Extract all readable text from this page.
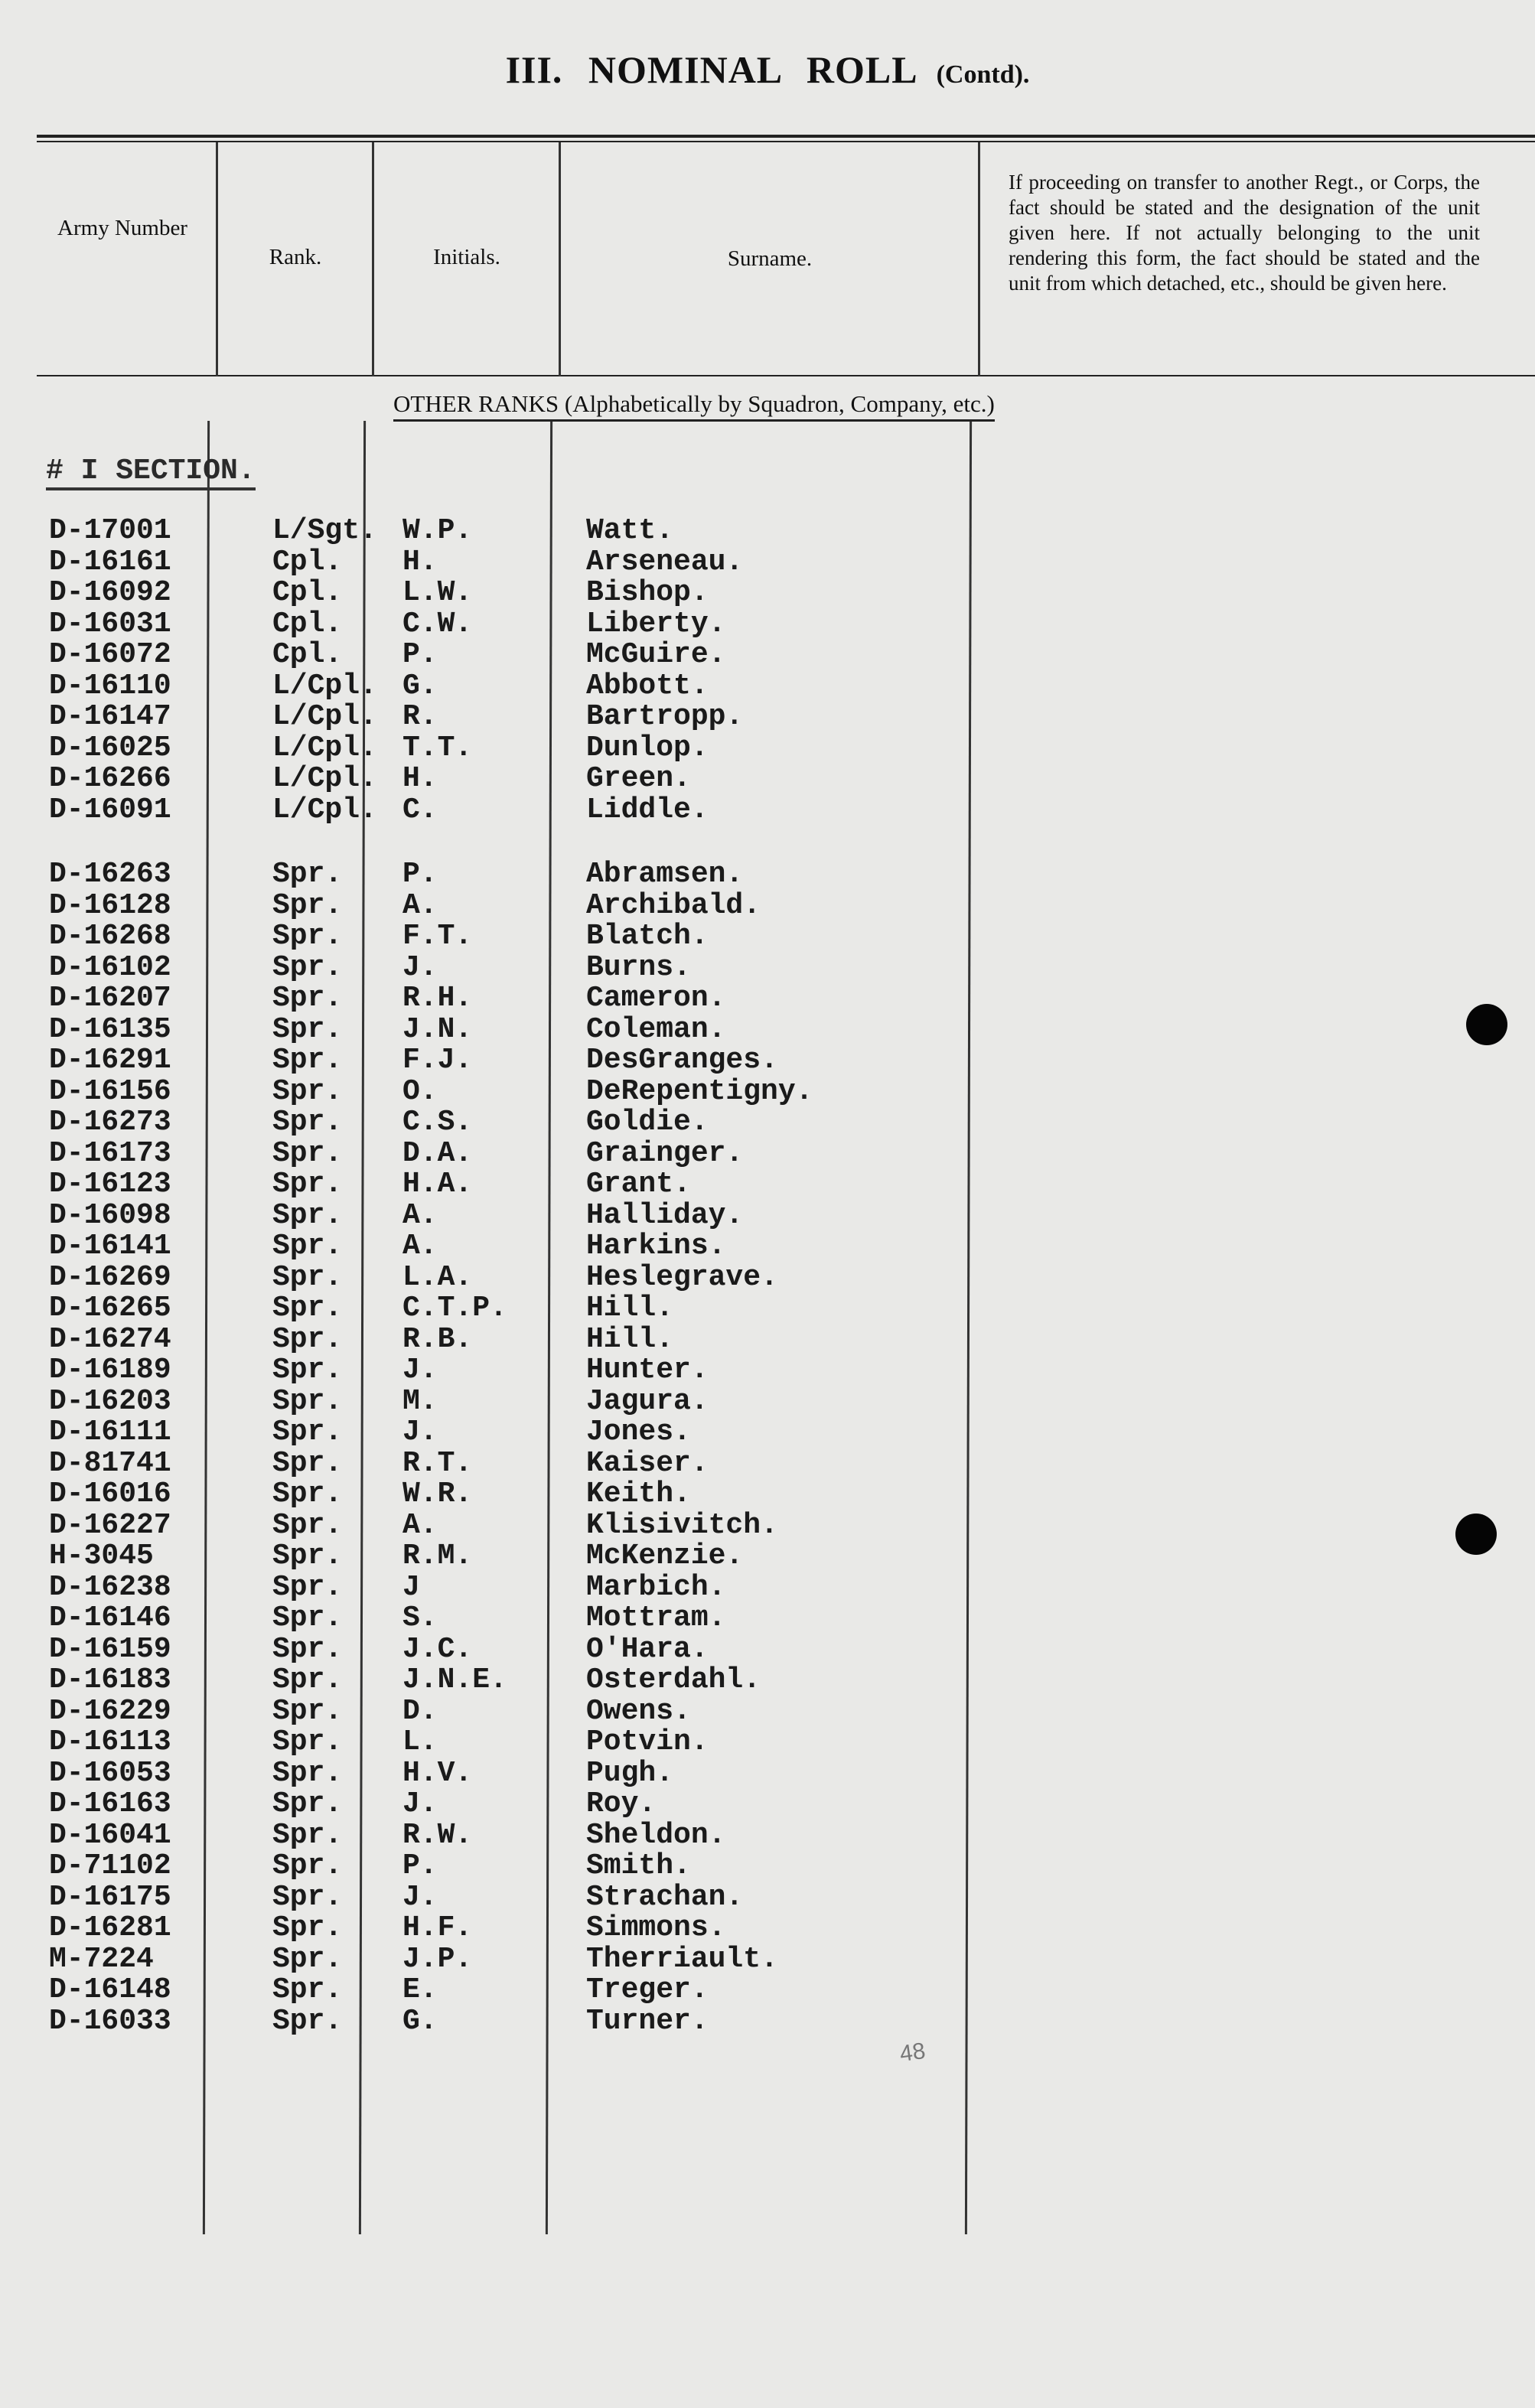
III. NOMINAL ROLL (Contd).
Army Number
Rank.	Initials.	Surname.
If proceeding on transfer to another Regt., or Corps, the fact should be stated and the designation of the unit given here. If not actually belonging to the unit rendering this form, the fact should be stated and the unit from which detached, etc., should be given here.
OTHER RANKS (Alphabetically by Squadron, Company, etc.)
# I SECTION.
D-17001	L/Sgt. W.P.	Watt.
D-16161	Cpl. H.	Arseneau.
D-16092	Cpl. L.W.	Bishop.
D-16031	Cpl. C.W.	Liberty.
D-16072	Cpl. P.	McGuire.
D-16110	L/Cpl. G.	Abbott.
D-16147	L/Cpl. R.	Bartropp.
D-16025	L/Cpl. T.T.	Dunlop.
D-16266	L/Cpl. H.	Green.
D-16091	L/Cpl. C.	Liddle.
D-16263	Spr. P.	Abramsen.
D-16128	Spr. A.	Archibald.
D-16268	Spr. F.T.	Blatch.
D-16102	Spr. J.	Burns.
D-16207	Spr. R.H.	Cameron.
D-16135	Spr. J.N.	Coleman.
D-16291	Spr. F.J.	DesGranges.
D-16156	Spr. O.	DeRepentigny.
D-16273	Spr. C.S.	Goldie.
D-16173	Spr. D.A.	Grainger.
D-16123	Spr. H.A.	Grant.
D-16098	Spr. A.	Halliday.
D-16141	Spr. A.	Harkins.
D-16269	Spr. L.A.	Heslegrave.
D-16265	Spr. C.T.P.	Hill.
D-16274	Spr. R.B.	Hill.
D-16189	Spr. J.	Hunter.
D-16203	Spr. M.	Jagura.
D-16111	Spr. J.	Jones.
D-81741	Spr. R.T.	Kaiser.
D-16016	Spr. W.R.	Keith.
D-16227	Spr. A.	Klisivitch.
H-3045	Spr. R.M.	McKenzie.
D-16238	Spr. J	Marbich.
D-16146	Spr. S.	Mottram.
D-16159	Spr. J.C.	O'Hara.
D-16183	Spr. J.N.E.	Osterdahl.
D-16229	Spr. D.	Owens.
D-16113	Spr. L.	Potvin.
D-16053	Spr. H.V.	Pugh.
D-16163	Spr. J.	Roy.
D-16041	Spr. R.W.	Sheldon.
D-71102	Spr. P.	Smith.
D-16175	Spr. J.	Strachan.
D-16281	Spr. H.F.	Simmons.
M-7224	Spr. J.P.	Therriault.
D-16148	Spr. E.	Treger.
D-16033	Spr. G.	Turner.
48
